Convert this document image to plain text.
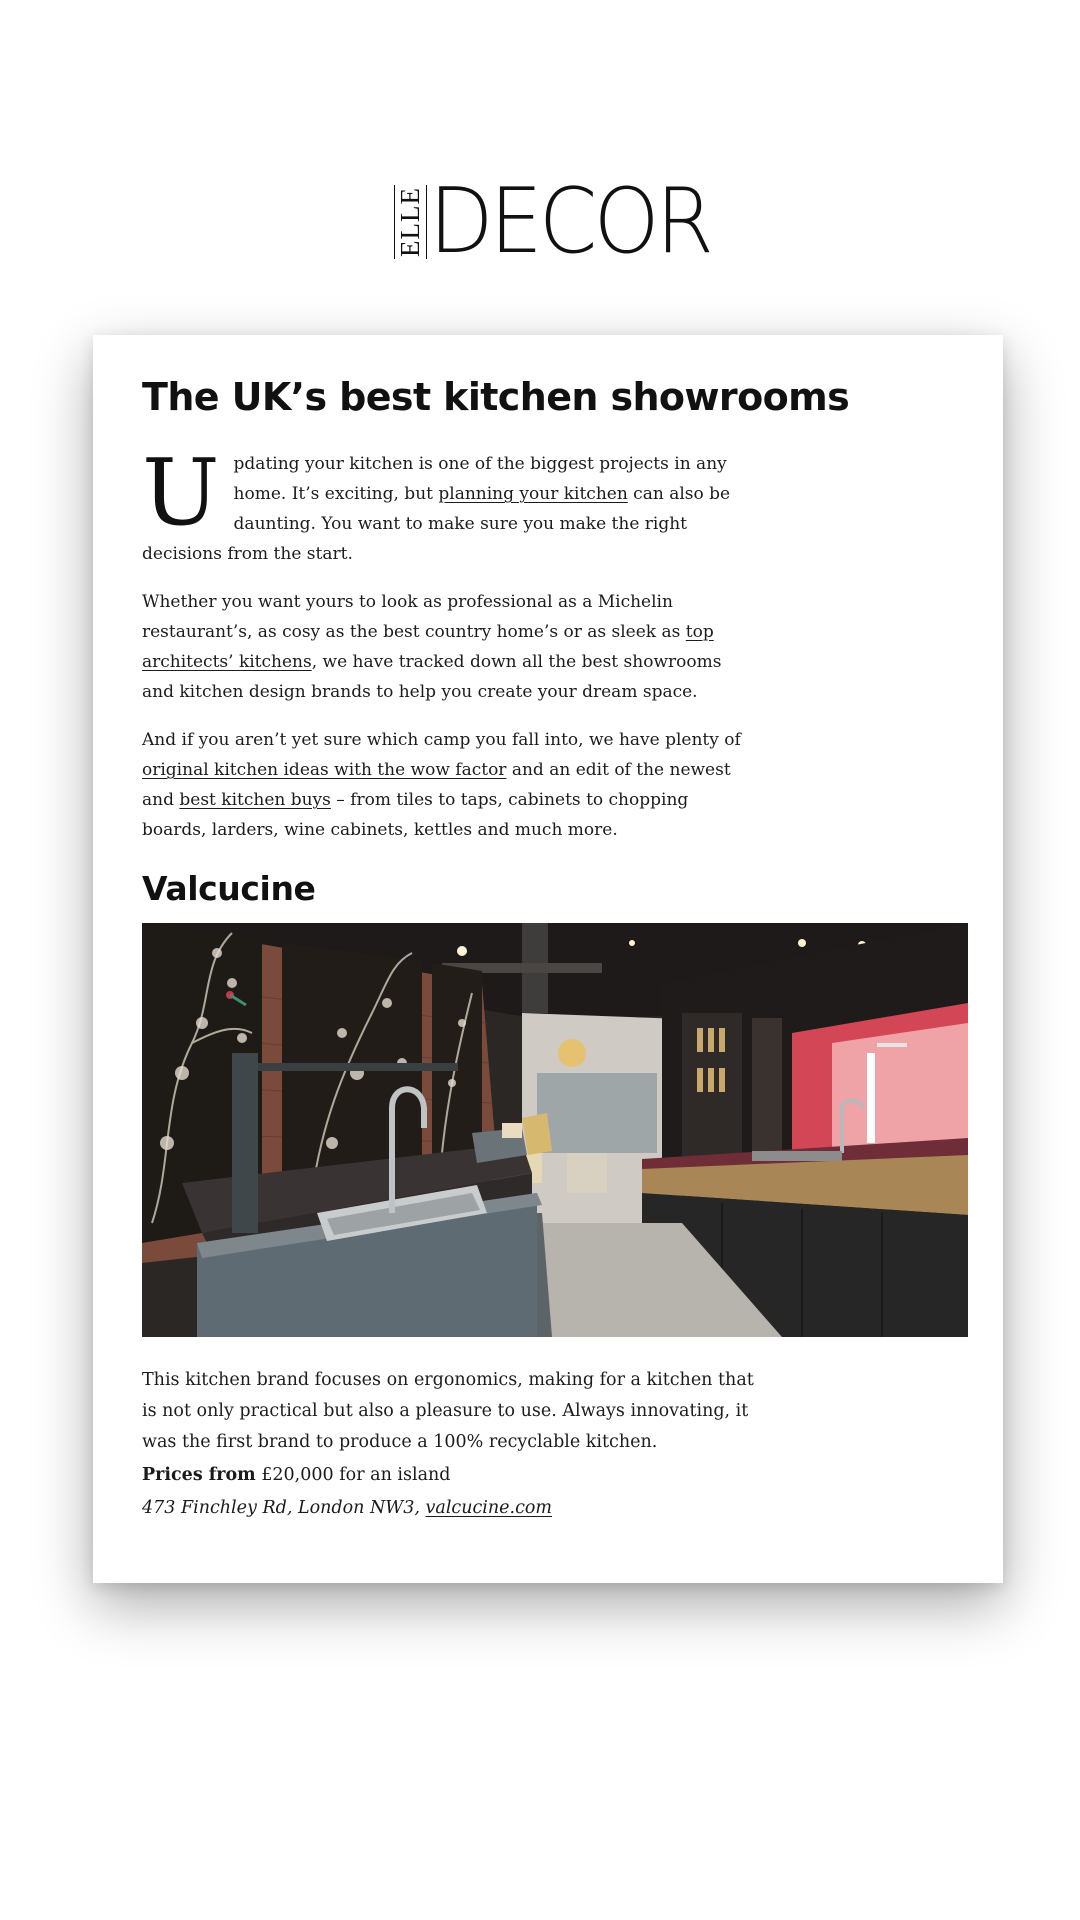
ELLE DECOR
The UK’s best kitchen showrooms

Updating your kitchen is one of the biggest projects in any home. It’s exciting, but planning your kitchen can also be daunting. You want to make sure you make the right decisions from the start.

Whether you want yours to look as professional as a Michelin restaurant’s, as cosy as the best country home’s or as sleek as top architects’ kitchens, we have tracked down all the best showrooms and kitchen design brands to help you create your dream space.

And if you aren’t yet sure which camp you fall into, we have plenty of original kitchen ideas with the wow factor and an edit of the newest and best kitchen buys – from tiles to taps, cabinets to chopping boards, larders, wine cabinets, kettles and much more.

Valcucine

This kitchen brand focuses on ergonomics, making for a kitchen that is not only practical but also a pleasure to use. Always innovating, it was the first brand to produce a 100% recyclable kitchen.

Prices from £20,000 for an island

473 Finchley Rd, London NW3, valcucine.com
